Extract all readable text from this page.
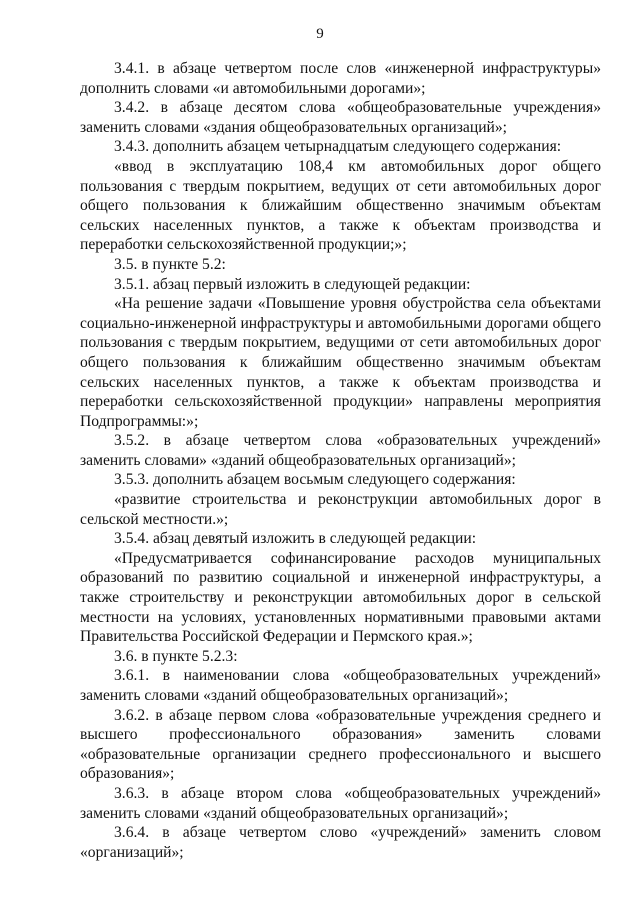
9

3.4.1. в абзаце четвертом после слов «инженерной инфраструктуры» дополнить словами «и автомобильными дорогами»;

3.4.2. в абзаце десятом слова «общеобразовательные учреждения» заменить словами «здания общеобразовательных организаций»;

3.4.3. дополнить абзацем четырнадцатым следующего содержания:

«ввод в эксплуатацию 108,4 км автомобильных дорог общего пользования с твердым покрытием, ведущих от сети автомобильных дорог общего пользования к ближайшим общественно значимым объектам сельских населенных пунктов, а также к объектам производства и переработки сельскохозяйственной продукции;»;

3.5. в пункте 5.2:

3.5.1. абзац первый изложить в следующей редакции:

«На решение задачи «Повышение уровня обустройства села объектами социально-инженерной инфраструктуры и автомобильными дорогами общего пользования с твердым покрытием, ведущими от сети автомобильных дорог общего пользования к ближайшим общественно значимым объектам сельских населенных пунктов, а также к объектам производства и переработки сельскохозяйственной продукции» направлены мероприятия Подпрограммы:»;

3.5.2. в абзаце четвертом слова «образовательных учреждений» заменить словами» «зданий общеобразовательных организаций»;

3.5.3. дополнить абзацем восьмым следующего содержания:

«развитие строительства и реконструкции автомобильных дорог в сельской местности.»;

3.5.4. абзац девятый изложить в следующей редакции:

«Предусматривается софинансирование расходов муниципальных образований по развитию социальной и инженерной инфраструктуры, а также строительству и реконструкции автомобильных дорог в сельской местности на условиях, установленных нормативными правовыми актами Правительства Российской Федерации и Пермского края.»;

3.6. в пункте 5.2.3:

3.6.1. в наименовании слова «общеобразовательных учреждений» заменить словами «зданий общеобразовательных организаций»;

3.6.2. в абзаце первом слова «образовательные учреждения среднего и высшего профессионального образования» заменить словами «образовательные организации среднего профессионального и высшего образования»;

3.6.3. в абзаце втором слова «общеобразовательных учреждений» заменить словами «зданий общеобразовательных организаций»;

3.6.4. в абзаце четвертом слово «учреждений» заменить словом «организаций»;
